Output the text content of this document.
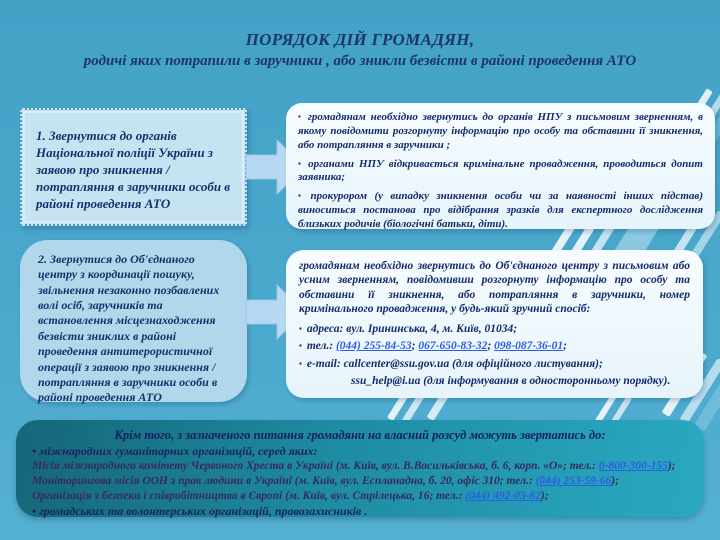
ПОРЯДОК ДІЙ ГРОМАДЯН,
родичі яких потрапили в заручники , або зникли безвісти в районі проведення АТО

1. Звернутися до органів Національної поліції України з заявою про зникнення / потрапляння в заручники особи в районі проведення АТО

▪ громадянам необхідно звернутись до органів НПУ з письмовим зверненням, в якому повідомити розгорнуту інформацію про особу та обставини її зникнення, або потрапляння в заручники ;

▪ органами НПУ відкривається кримінальне провадження, проводиться допит заявника;

▪ прокурором (у випадку зникнення особи чи за наявності інших підстав) виноситься постанова про відібрання зразків для експертного дослідження близьких родичів (біологічні батьки, діти).

2. Звернутися до Об'єднаного центру з координації пошуку, звільнення незаконно позбавлених волі осіб, заручників та встановлення місцезнаходження безвісти зниклих в районі проведення антитерористичної операції з заявою про зникнення /потрапляння в заручники особи в районі проведення АТО

громадянам необхідно звернутись до Об'єднаного центру з письмовим або усним зверненням, повідомивши розгорнуту інформацію про особу та обставини її зникнення, або потрапляння в заручники, номер кримінального провадження, у будь-який зручний спосіб:

▪ адреса: вул. Ірининська, 4, м. Київ, 01034;

▪ тел.: (044) 255-84-53; 067-650-83-32; 098-087-36-01;

▪ e-mail: callcenter@ssu.gov.ua (для офіційного листування);

ssu_help@i.ua (для інформування в односторонньому порядку).

Крім того, з зазначеного питання громадяни на власний розсуд можуть звертатись до:

• міжнародних гуманітарних організацій, серед яких:

Місія міжнародного комітету Червоного Хреста в Україні (м. Київ, вул. В.Васильківська, б. 6, корп. «О»; тел.: 0-800-300-155);

Моніторингова місія ООН з прав людини в Україні (м. Київ, вул. Еспланадна, б. 20, офіс 310; тел.: (044) 253-59-66);

Організація з безпеки і співробітництва в Європі (м. Київ, вул. Стрілецька, 16; тел.: (044) 492-03-82);

• громадських та волонтерських організацій, правозахисників .
